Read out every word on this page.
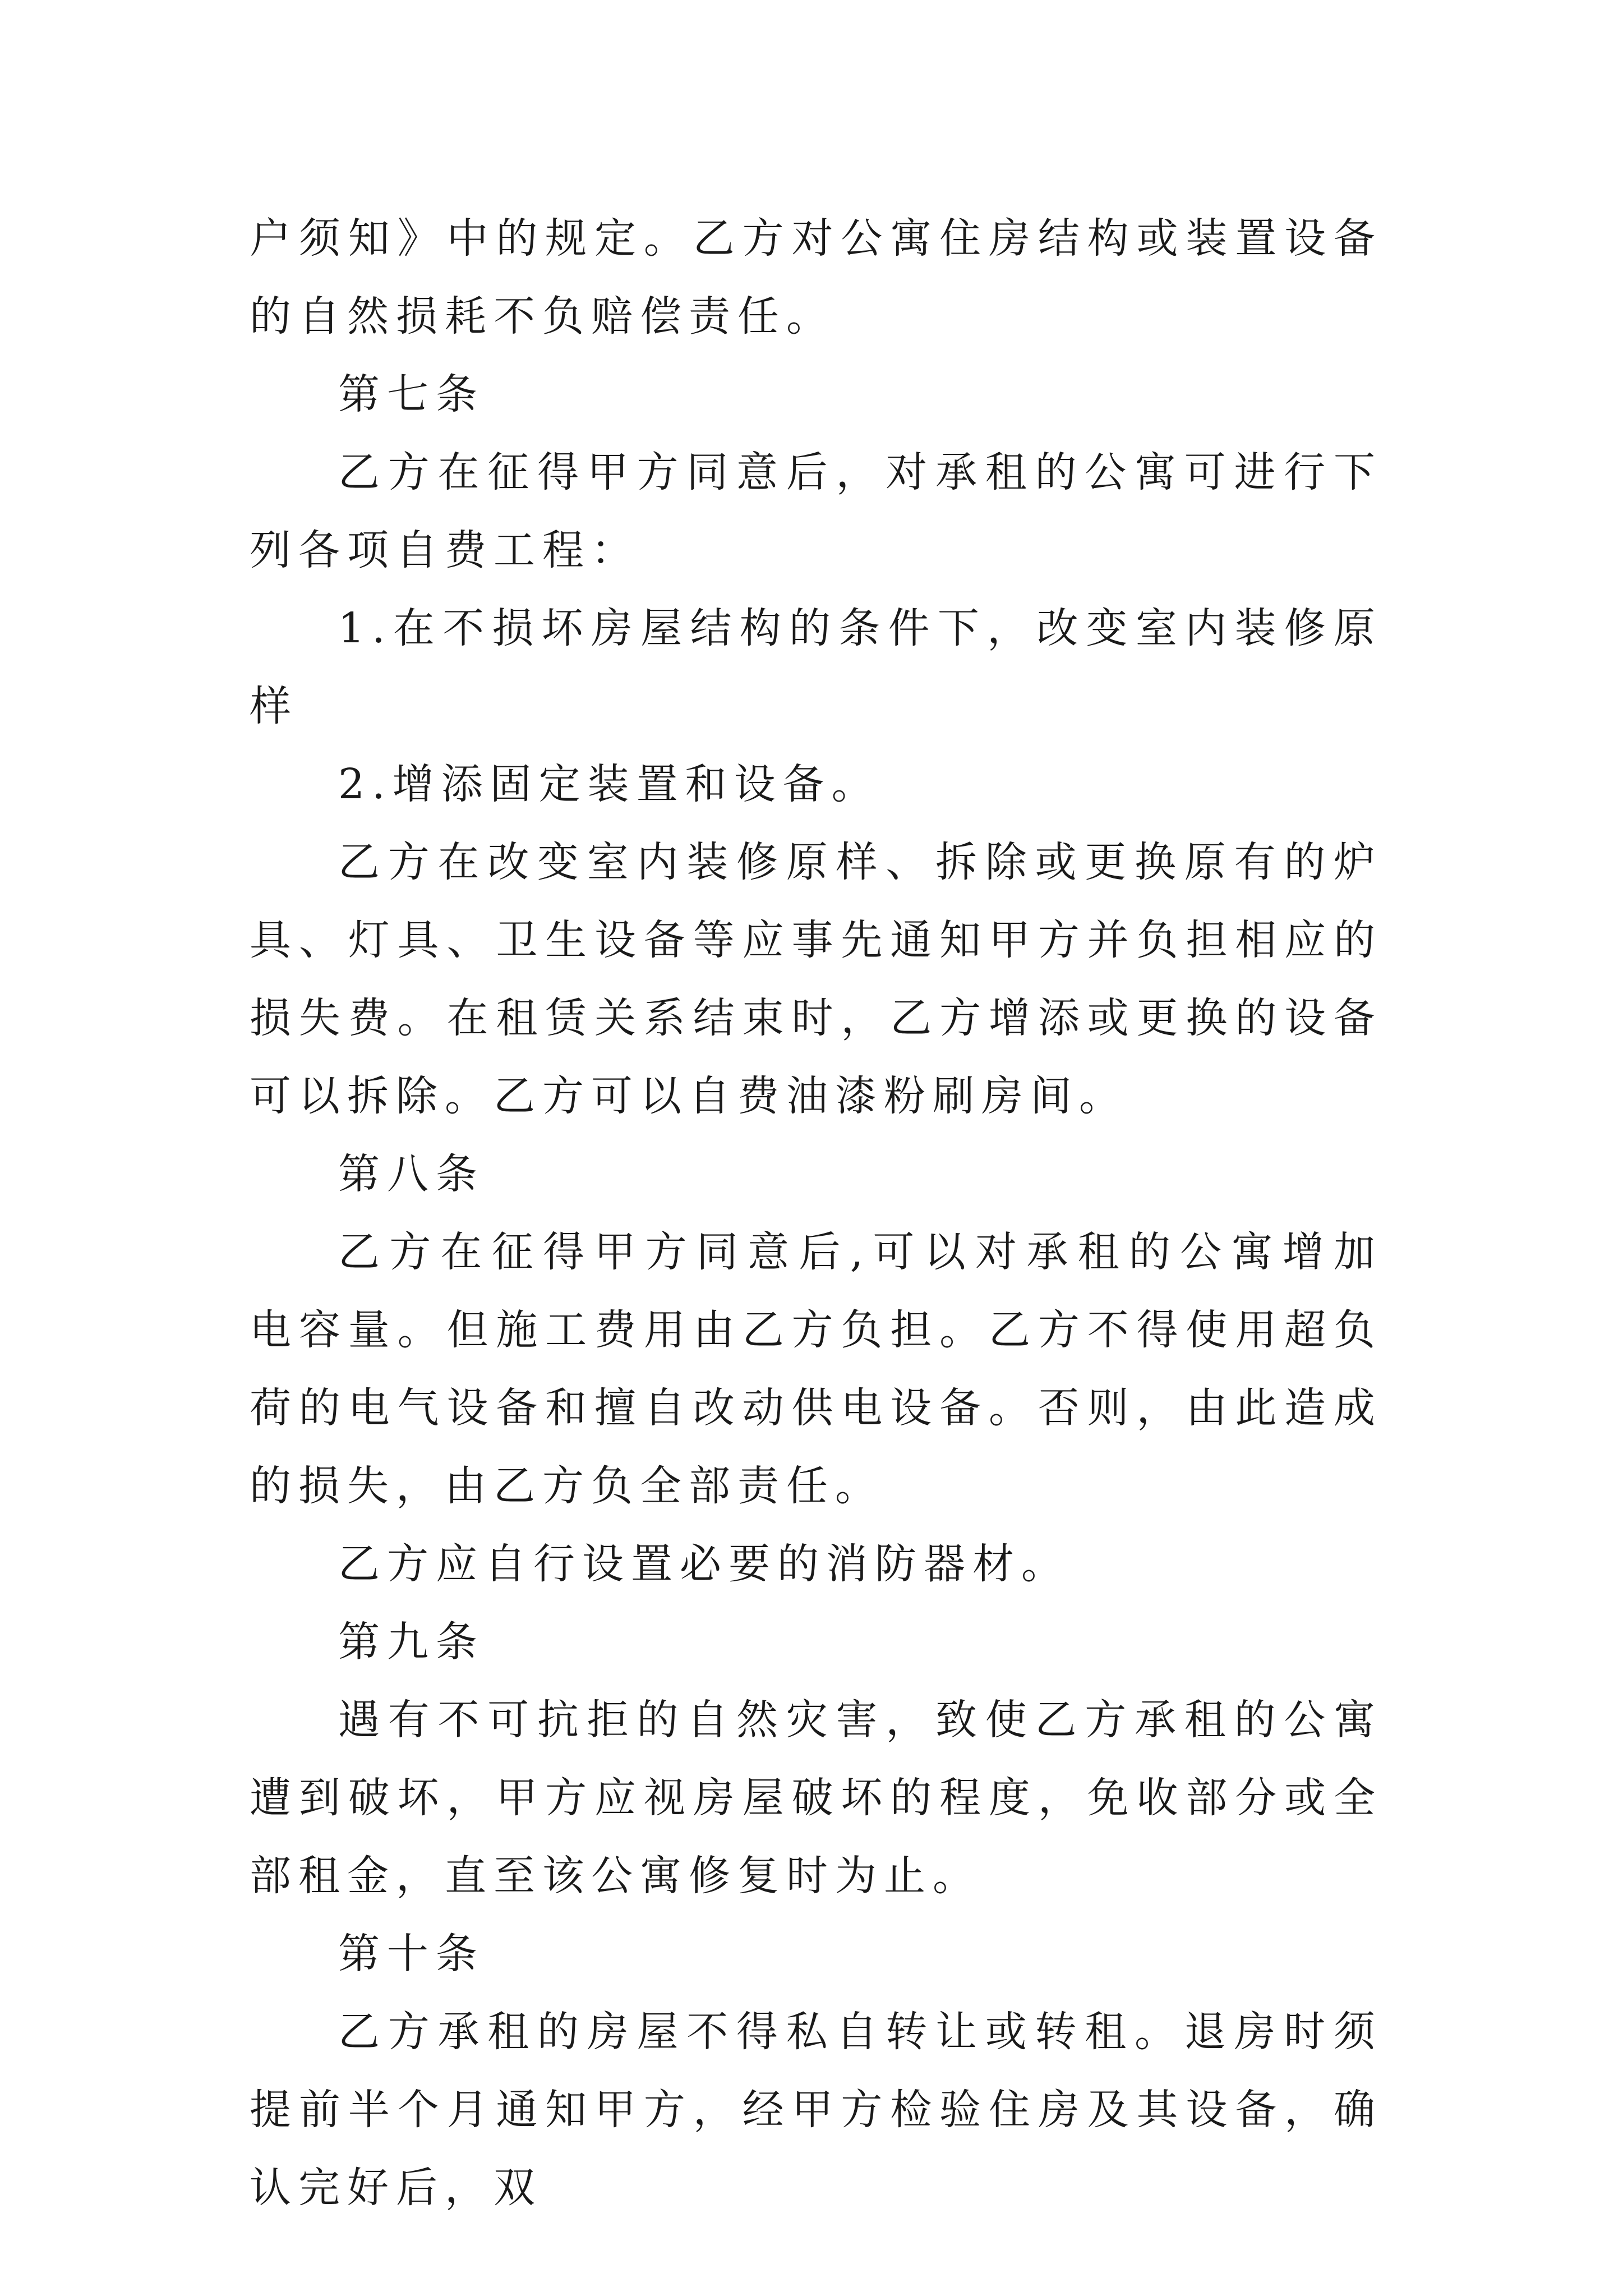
户须知》中的规定。乙方对公寓住房结构或装置设备的自然损耗不负赔偿责任。

第七条

乙方在征得甲方同意后，对承租的公寓可进行下列各项自费工程：

1.在不损坏房屋结构的条件下，改变室内装修原样

2.增添固定装置和设备。

乙方在改变室内装修原样、拆除或更换原有的炉具、灯具、卫生设备等应事先通知甲方并负担相应的损失费。在租赁关系结束时，乙方增添或更换的设备可以拆除。乙方可以自费油漆粉刷房间。

第八条

乙方在征得甲方同意后,可以对承租的公寓增加电容量。但施工费用由乙方负担。乙方不得使用超负荷的电气设备和擅自改动供电设备。否则，由此造成的损失，由乙方负全部责任。

乙方应自行设置必要的消防器材。

第九条

遇有不可抗拒的自然灾害，致使乙方承租的公寓遭到破坏，甲方应视房屋破坏的程度，免收部分或全部租金，直至该公寓修复时为止。

第十条

乙方承租的房屋不得私自转让或转租。退房时须提前半个月通知甲方，经甲方检验住房及其设备，确认完好后，双
